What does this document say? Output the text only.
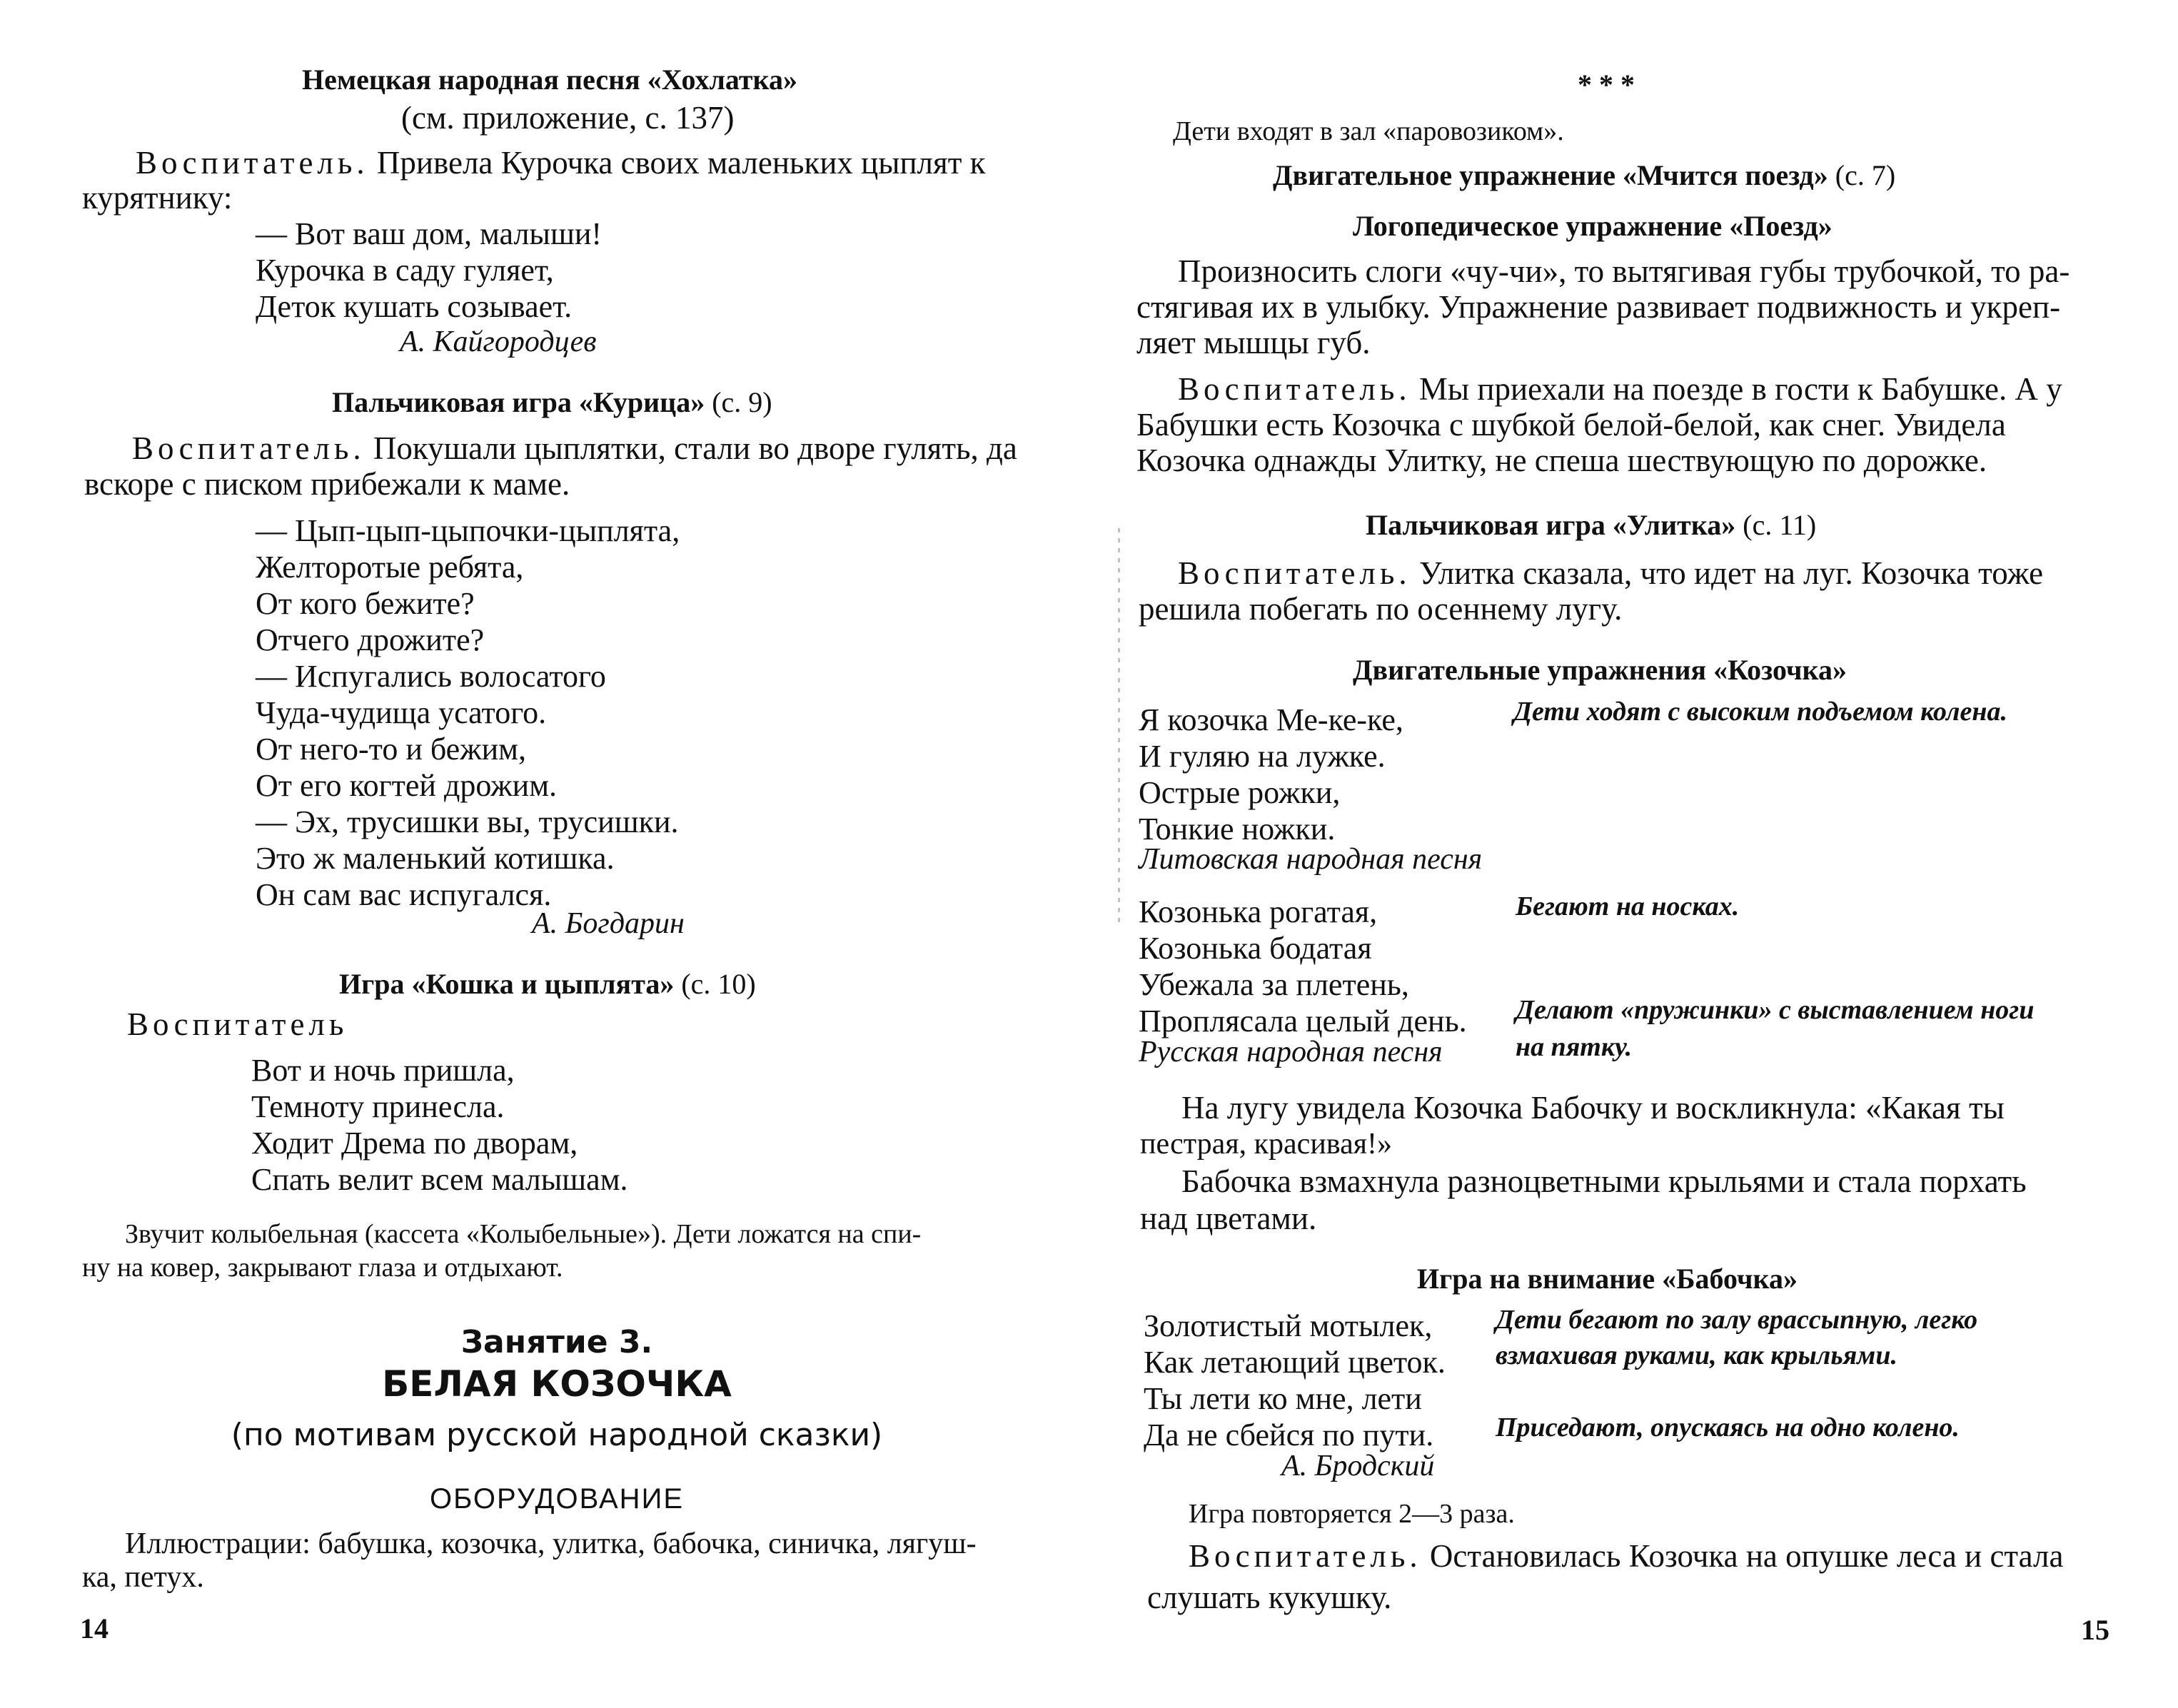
Немецкая народная песня «Хохлатка»
(см. приложение, с. 137)
Воспитатель. Привела Курочка своих маленьких цыплят к
курятнику:
— Вот ваш дом, малыши!
Курочка в саду гуляет,
Деток кушать созывает.
А. Кайгородцев
Пальчиковая игра «Курица» (с. 9)
Воспитатель. Покушали цыплятки, стали во дворе гулять, да
вскоре с писком прибежали к маме.
— Цып-цып-цыпочки-цыплята,
Желторотые ребята,
От кого бежите?
Отчего дрожите?
— Испугались волосатого
Чуда-чудища усатого.
От него-то и бежим,
От его когтей дрожим.
— Эх, трусишки вы, трусишки.
Это ж маленький котишка.
Он сам вас испугался.
А. Богдарин
Игра «Кошка и цыплята» (с. 10)
Воспитатель
Вот и ночь пришла,
Темноту принесла.
Ходит Дрема по дворам,
Спать велит всем малышам.
Звучит колыбельная (кассета «Колыбельные»). Дети ложатся на спи-
ну на ковер, закрывают глаза и отдыхают.
Занятие 3.
БЕЛАЯ КОЗОЧКА
(по мотивам русской народной сказки)
ОБОРУДОВАНИЕ
Иллюстрации: бабушка, козочка, улитка, бабочка, синичка, лягуш-
ка, петух.
14
* * *
Дети входят в зал «паровозиком».
Двигательное упражнение «Мчится поезд» (с. 7)
Логопедическое упражнение «Поезд»
Произносить слоги «чу-чи», то вытягивая губы трубочкой, то ра-
стягивая их в улыбку. Упражнение развивает подвижность и укреп-
ляет мышцы губ.
Воспитатель. Мы приехали на поезде в гости к Бабушке. А у
Бабушки есть Козочка с шубкой белой-белой, как снег. Увидела
Козочка однажды Улитку, не спеша шествующую по дорожке.
Пальчиковая игра «Улитка» (с. 11)
Воспитатель. Улитка сказала, что идет на луг. Козочка тоже
решила побегать по осеннему лугу.
Двигательные упражнения «Козочка»
Я козочка Ме-ке-ке,
И гуляю на лужке.
Острые рожки,
Тонкие ножки.
Литовская народная песня
Дети ходят с высоким подъемом колена.
Козонька рогатая,
Козонька бодатая
Убежала за плетень,
Проплясала целый день.
Русская народная песня
Бегают на носках.
Делают «пружинки» с выставлением ноги
на пятку.
На лугу увидела Козочка Бабочку и воскликнула: «Какая ты
пестрая, красивая!»
Бабочка взмахнула разноцветными крыльями и стала порхать
над цветами.
Игра на внимание «Бабочка»
Золотистый мотылек,
Как летающий цветок.
Ты лети ко мне, лети
Да не сбейся по пути.
А. Бродский
Дети бегают по залу врассыпную, легко
взмахивая руками, как крыльями.
Приседают, опускаясь на одно колено.
Игра повторяется 2—3 раза.
Воспитатель. Остановилась Козочка на опушке леса и стала
слушать кукушку.
15
